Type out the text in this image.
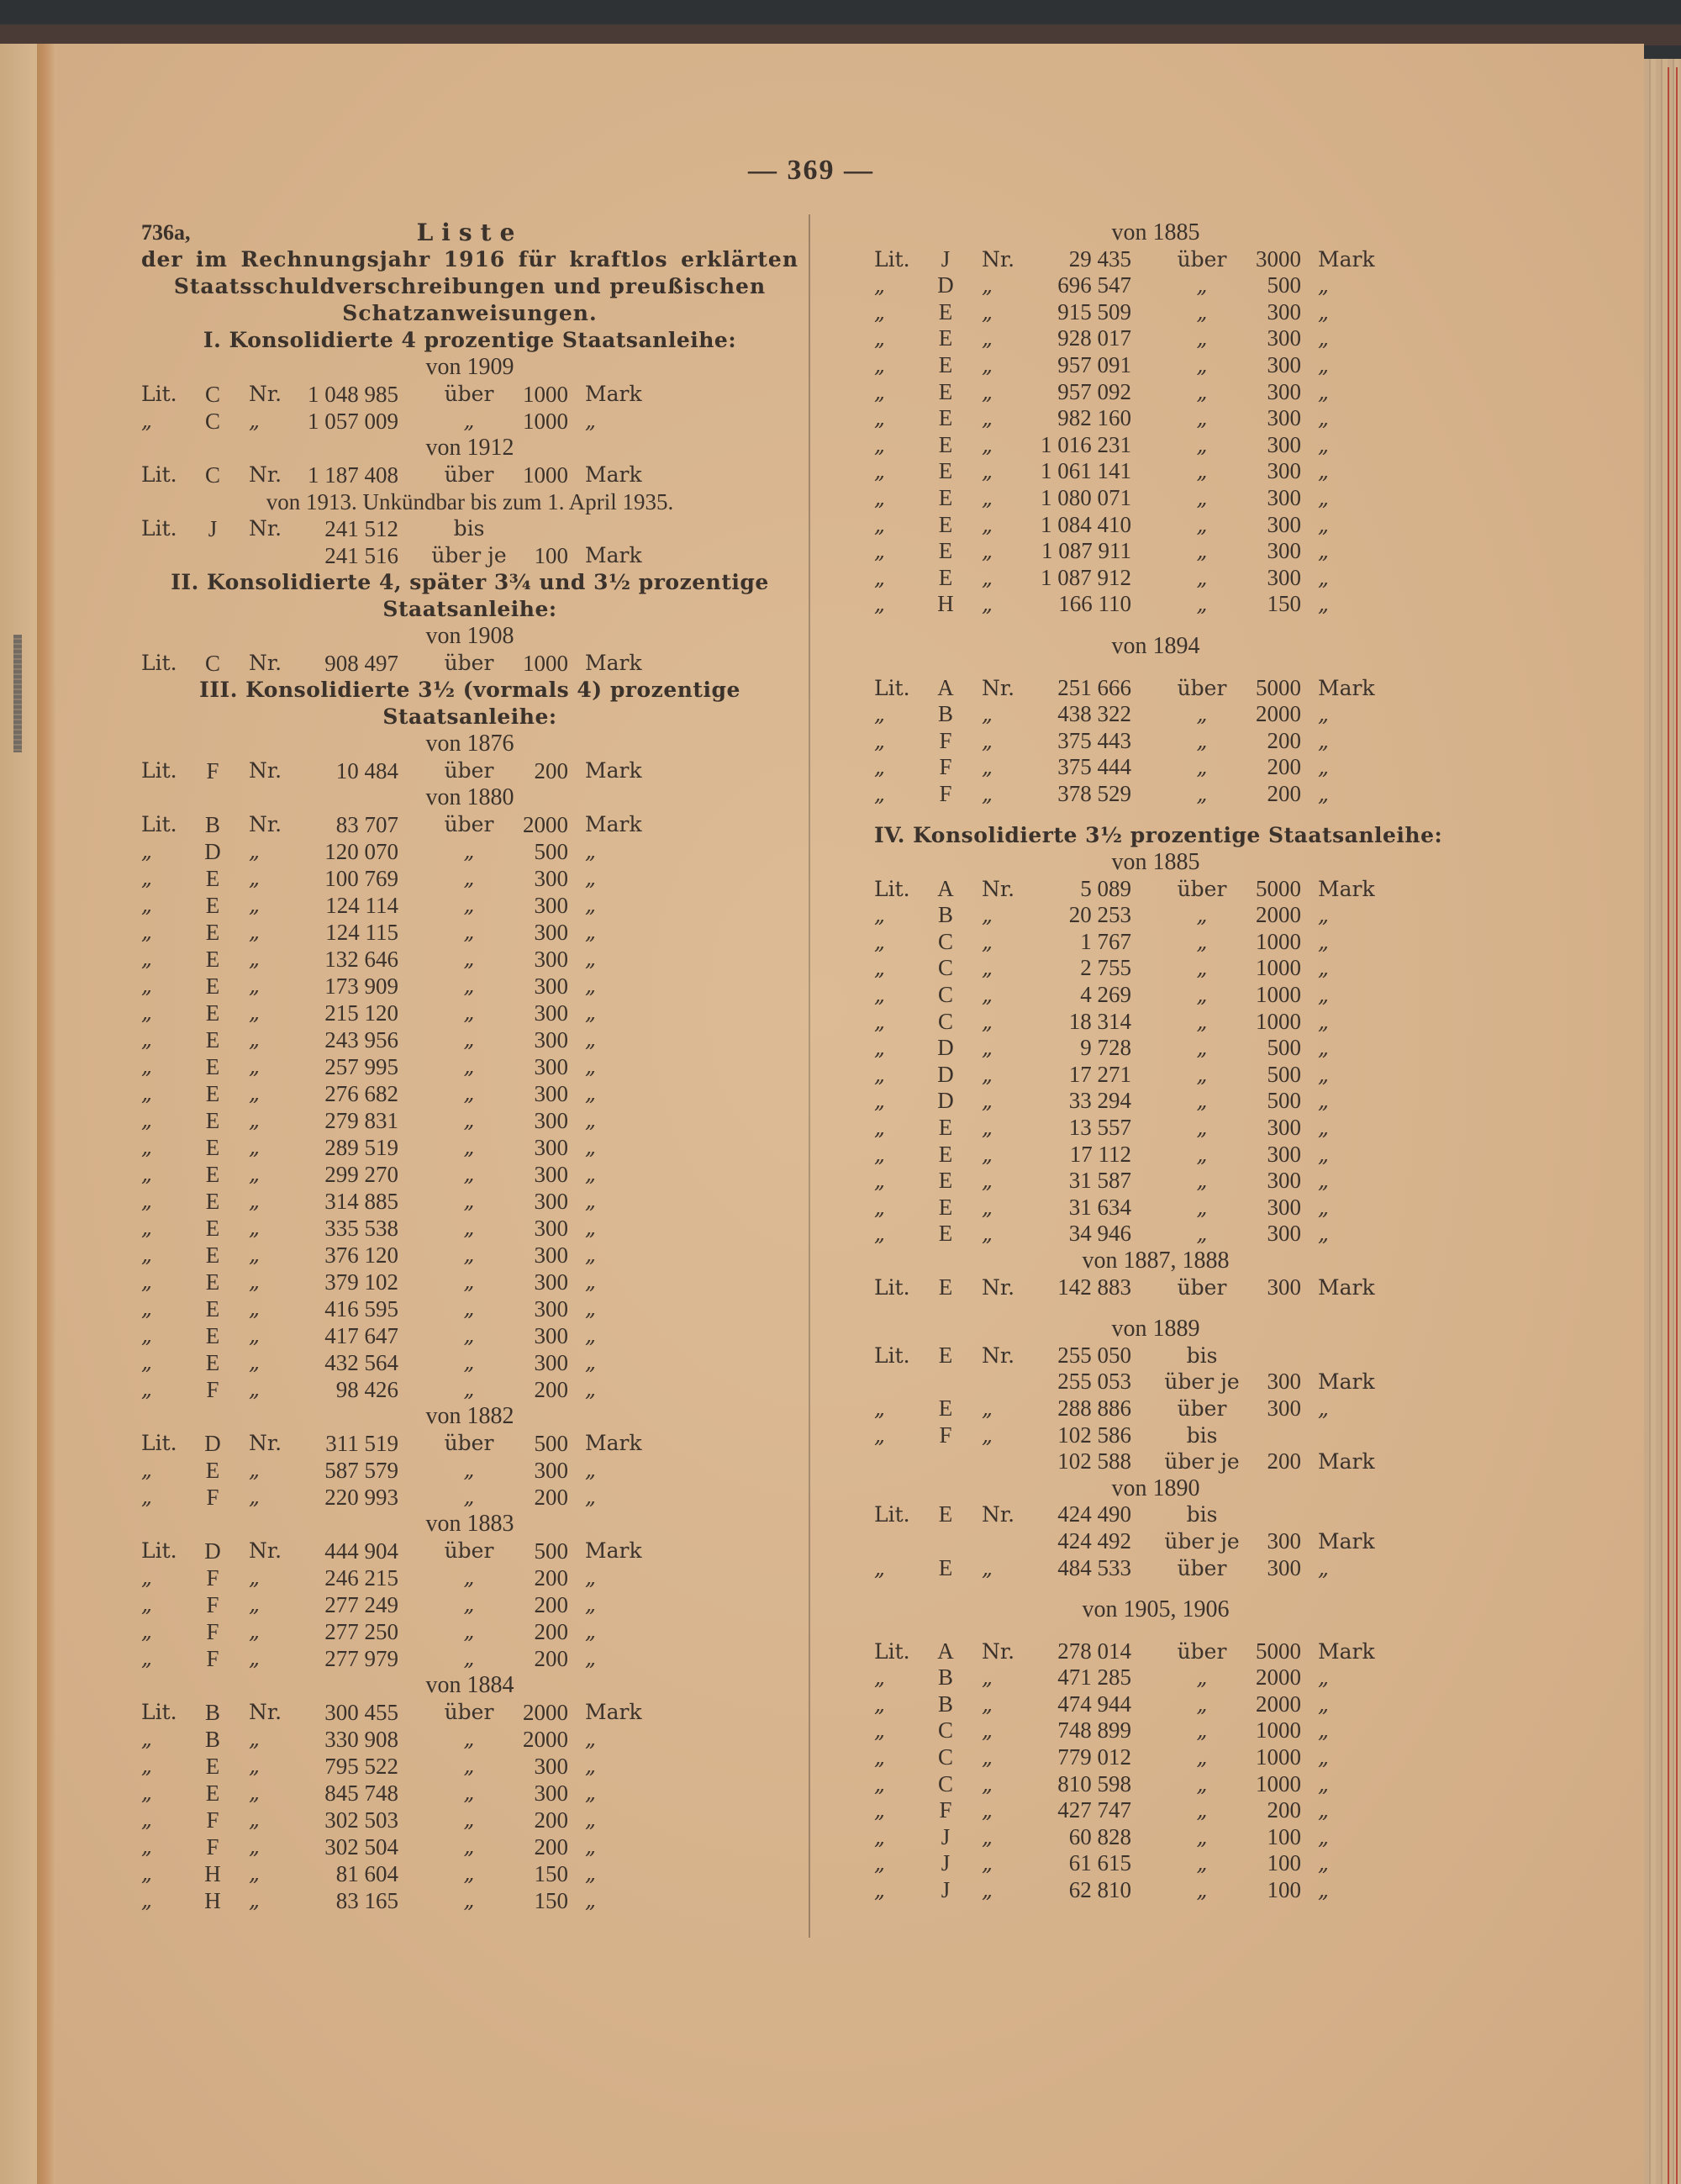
— 369 —
736a,	Liste
der im Rechnungsjahr 1916 für kraftlos erklärten
Staatsschuldverschreibungen und preußischen
Schatzanweisungen.
I. Konsolidierte 4 prozentige Staatsanleihe:
von 1909
Lit.	C	Nr.	1 048 985	über	1000 Mark
„	C	„	1 057 009	„	1000 „
von 1912
Lit.	C	Nr.	1 187 408	über	1000 Mark
von 1913. Unkündbar bis zum 1. April 1935.
Lit.	J	Nr.	241 512	bis
241 516	über je	100 Mark
II. Konsolidierte 4, später 3¾ und 3½ prozentige
Staatsanleihe:
von 1908
Lit.	C	Nr.	908 497	über	1000 Mark
III. Konsolidierte 3½ (vormals 4) prozentige
Staatsanleihe:
von 1876
Lit.	F	Nr.	10 484	über	200 Mark
von 1880
Lit.	B	Nr.	83 707	über	2000 Mark
„	D	„	120 070	„	500 „
„	E	„	100 769	„	300 „
„	E	„	124 114	„	300 „
„	E	„	124 115	„	300 „
„	E	„	132 646	„	300 „
„	E	„	173 909	„	300 „
„	E	„	215 120	„	300 „
„	E	„	243 956	„	300 „
„	E	„	257 995	„	300 „
„	E	„	276 682	„	300 „
„	E	„	279 831	„	300 „
„	E	„	289 519	„	300 „
„	E	„	299 270	„	300 „
„	E	„	314 885	„	300 „
„	E	„	335 538	„	300 „
„	E	„	376 120	„	300 „
„	E	„	379 102	„	300 „
„	E	„	416 595	„	300 „
„	E	„	417 647	„	300 „
„	E	„	432 564	„	300 „
„	F	„	98 426	„	200 „
von 1882
Lit.	D	Nr.	311 519	über	500 Mark
„	E	„	587 579	„	300 „
„	F	„	220 993	„	200 „
von 1883
Lit.	D	Nr.	444 904	über	500 Mark
„	F	„	246 215	„	200 „
„	F	„	277 249	„	200 „
„	F	„	277 250	„	200 „
„	F	„	277 979	„	200 „
von 1884
Lit.	B	Nr.	300 455	über	2000 Mark
„	B	„	330 908	„	2000 „
„	E	„	795 522	„	300 „
„	E	„	845 748	„	300 „
„	F	„	302 503	„	200 „
„	F	„	302 504	„	200 „
„	H	„	81 604	„	150 „
„	H	„	83 165	„	150 „
von 1885
Lit.	J	Nr.	29 435	über	3000 Mark
„	D	„	696 547	„	500 „
„	E	„	915 509	„	300 „
„	E	„	928 017	„	300 „
„	E	„	957 091	„	300 „
„	E	„	957 092	„	300 „
„	E	„	982 160	„	300 „
„	E	„	1 016 231	„	300 „
„	E	„	1 061 141	„	300 „
„	E	„	1 080 071	„	300 „
„	E	„	1 084 410	„	300 „
„	E	„	1 087 911	„	300 „
„	E	„	1 087 912	„	300 „
„	H	„	166 110	„	150 „
von 1894
Lit.	A	Nr.	251 666	über	5000 Mark
„	B	„	438 322	„	2000 „
„	F	„	375 443	„	200 „
„	F	„	375 444	„	200 „
„	F	„	378 529	„	200 „
IV. Konsolidierte 3½ prozentige Staatsanleihe:
von 1885
Lit.	A	Nr.	5 089	über	5000 Mark
„	B	„	20 253	„	2000 „
„	C	„	1 767	„	1000 „
„	C	„	2 755	„	1000 „
„	C	„	4 269	„	1000 „
„	C	„	18 314	„	1000 „
„	D	„	9 728	„	500 „
„	D	„	17 271	„	500 „
„	D	„	33 294	„	500 „
„	E	„	13 557	„	300 „
„	E	„	17 112	„	300 „
„	E	„	31 587	„	300 „
„	E	„	31 634	„	300 „
„	E	„	34 946	„	300 „
von 1887, 1888
Lit.	E	Nr.	142 883	über	300 Mark
von 1889
Lit.	E	Nr.	255 050	bis
255 053	über je	300 Mark
„	E	„	288 886	über	300 „
„	F	„	102 586	bis
102 588	über je	200 Mark
von 1890
Lit.	E	Nr.	424 490	bis
424 492	über je	300 Mark
„	E	„	484 533	über	300 „
von 1905, 1906
Lit.	A	Nr.	278 014	über	5000 Mark
„	B	„	471 285	„	2000 „
„	B	„	474 944	„	2000 „
„	C	„	748 899	„	1000 „
„	C	„	779 012	„	1000 „
„	C	„	810 598	„	1000 „
„	F	„	427 747	„	200 „
„	J	„	60 828	„	100 „
„	J	„	61 615	„	100 „
„	J	„	62 810	„	100 „
